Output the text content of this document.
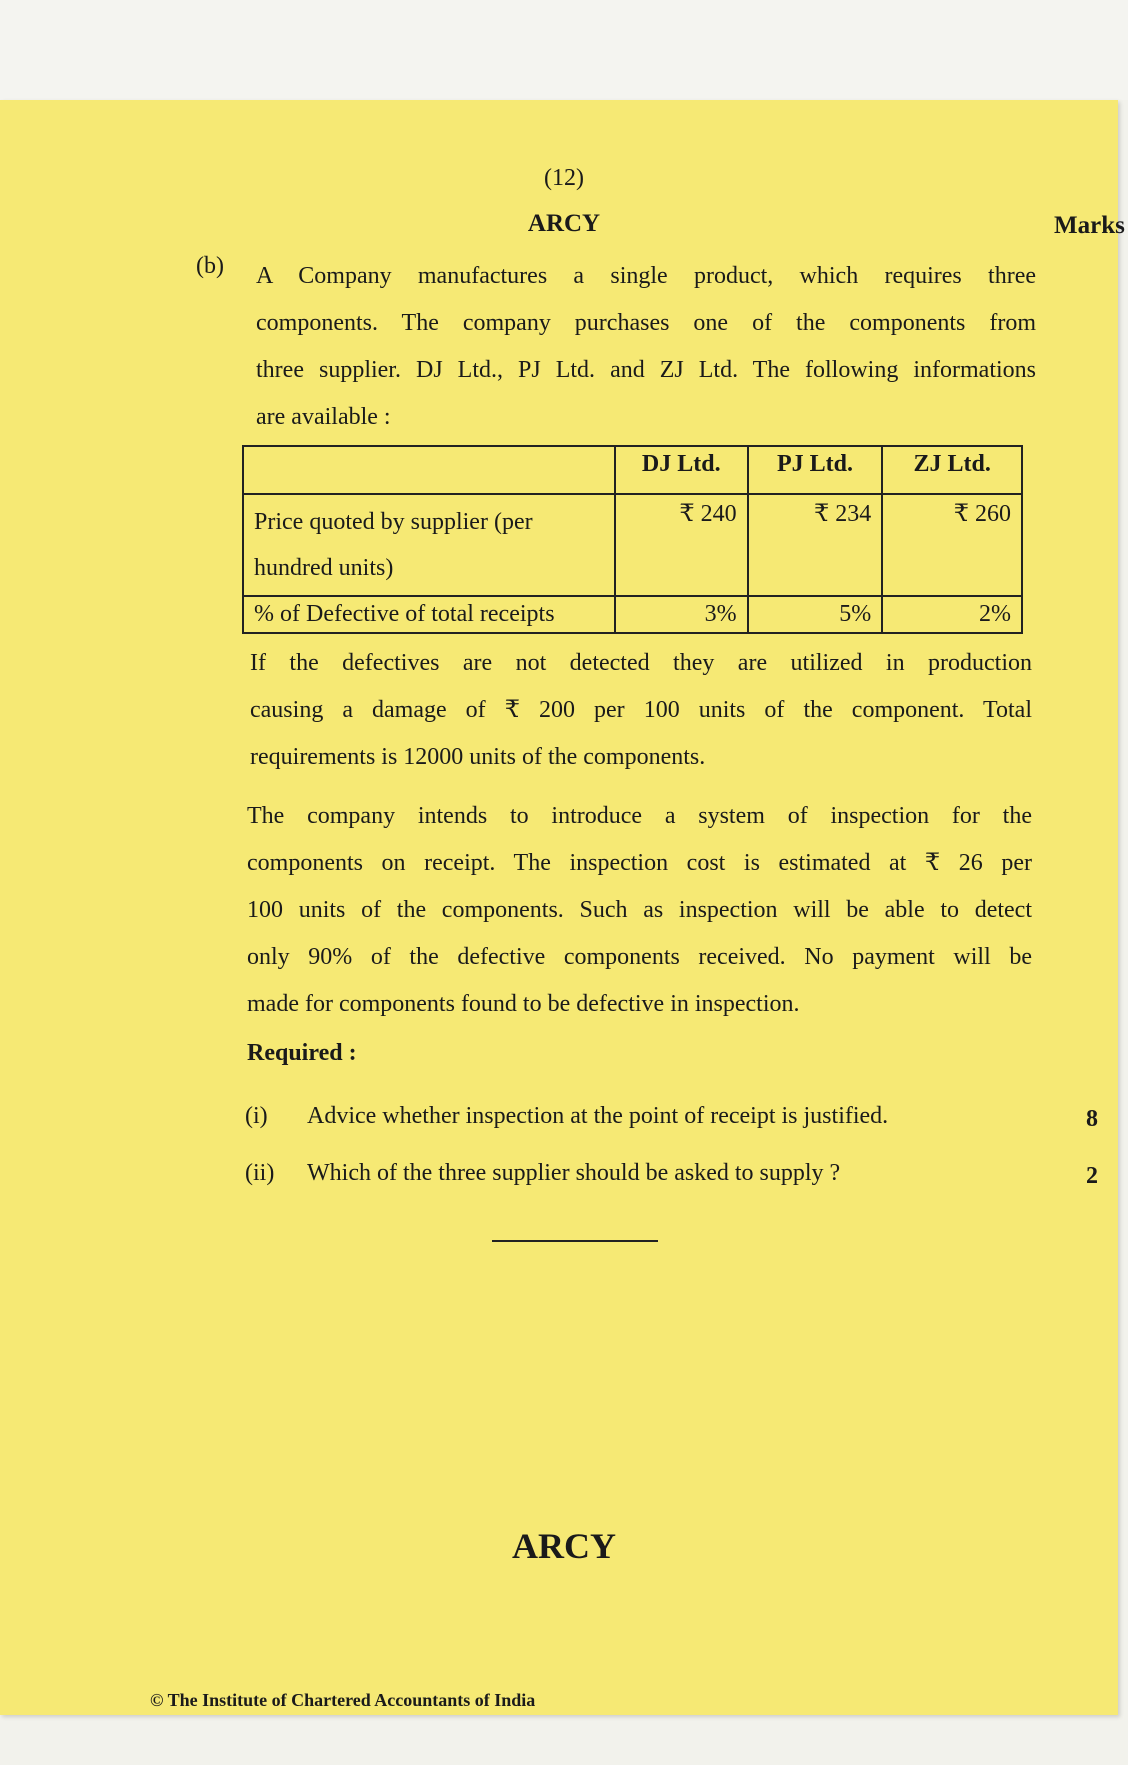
(12)
ARCY	Marks
(b) A Company manufactures a single product, which requires three
components. The company purchases one of the components from
three supplier. DJ Ltd., PJ Ltd. and ZJ Ltd. The following informations
are available :
	DJ Ltd.	PJ Ltd.	ZJ Ltd.
Price quoted by supplier (per hundred units)	₹ 240	₹ 234	₹ 260
% of Defective of total receipts	3%	5%	2%
If the defectives are not detected they are utilized in production
causing a damage of ₹ 200 per 100 units of the component. Total
requirements is 12000 units of the components.
The company intends to introduce a system of inspection for the
components on receipt. The inspection cost is estimated at ₹ 26 per
100 units of the components. Such as inspection will be able to detect
only 90% of the defective components received. No payment will be
made for components found to be defective in inspection.
Required :
(i) Advice whether inspection at the point of receipt is justified.	8
(ii) Which of the three supplier should be asked to supply ?	2
ARCY
© The Institute of Chartered Accountants of India
